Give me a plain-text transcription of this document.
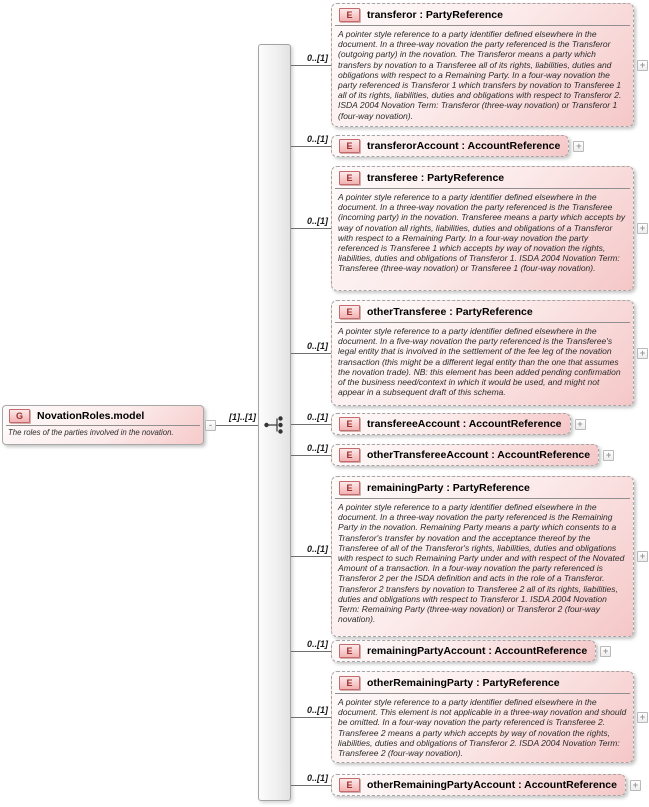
G	NovationRoles.model
The roles of the parties involved in the novation.
-
[1]..[1]
0..[1]
0..[1]
0..[1]
0..[1]
0..[1]
0..[1]
0..[1]
0..[1]
0..[1]
0..[1]
E	transferor : PartyReference
A pointer style reference to a party identifier defined elsewhere in the document. In a three-way novation the party referenced is the Transferor (outgoing party) in the novation. The Transferor means a party which transfers by novation to a Transferee all of its rights, liabilities, duties and obligations with respect to a Remaining Party. In a four-way novation the party referenced is Transferor 1 which transfers by novation to Transferee 1 all of its rights, liabilities, duties and obligations with respect to Transferor 2. ISDA 2004 Novation Term: Transferor (three-way novation) or Transferor 1 (four-way novation).
+
E	transferorAccount : AccountReference	+
E	transferee : PartyReference
A pointer style reference to a party identifier defined elsewhere in the document. In a three-way novation the party referenced is the Transferee (incoming party) in the novation. Transferee means a party which accepts by way of novation all rights, liabilities, duties and obligations of a Transferor with respect to a Remaining Party. In a four-way novation the party referenced is Transferee 1 which accepts by way of novation the rights, liabilities, duties and obligations of Transferor 1. ISDA 2004 Novation Term: Transferee (three-way novation) or Transferee 1 (four-way novation).
+
E	otherTransferee : PartyReference
A pointer style reference to a party identifier defined elsewhere in the document. In a five-way novation the party referenced is the Transferee's legal entity that is involved in the settlement of the fee leg of the novation transaction (this might be a different legal entity than the one that assumes the novation trade). NB: this element has been added pending confirmation of the business need/context in which it would be used, and might not appear in a subsequent draft of this schema.
+
E	transfereeAccount : AccountReference	+
E	otherTransfereeAccount : AccountReference	+
E	remainingParty : PartyReference
A pointer style reference to a party identifier defined elsewhere in the document. In a three-way novation the party referenced is the Remaining Party in the novation. Remaining Party means a party which consents to a Transferor's transfer by novation and the acceptance thereof by the Transferee of all of the Transferor's rights, liabilities, duties and obligations with respect to such Remaining Party under and with respect of the Novated Amount of a transaction. In a four-way novation the party referenced is Transferor 2 per the ISDA definition and acts in the role of a Transferor. Transferor 2 transfers by novation to Transferee 2 all of its rights, liabilities, duties and obligations with respect to Transferor 1. ISDA 2004 Novation Term: Remaining Party (three-way novation) or Transferor 2 (four-way novation).
+
E	remainingPartyAccount : AccountReference	+
E	otherRemainingParty : PartyReference
A pointer style reference to a party identifier defined elsewhere in the document. This element is not applicable in a three-way novation and should be omitted. In a four-way novation the party referenced is Transferee 2. Transferee 2 means a party which accepts by way of novation the rights, liabilities, duties and obligations of Transferor 2. ISDA 2004 Novation Term: Transferee 2 (four-way novation).
+
E	otherRemainingPartyAccount : AccountReference	+
